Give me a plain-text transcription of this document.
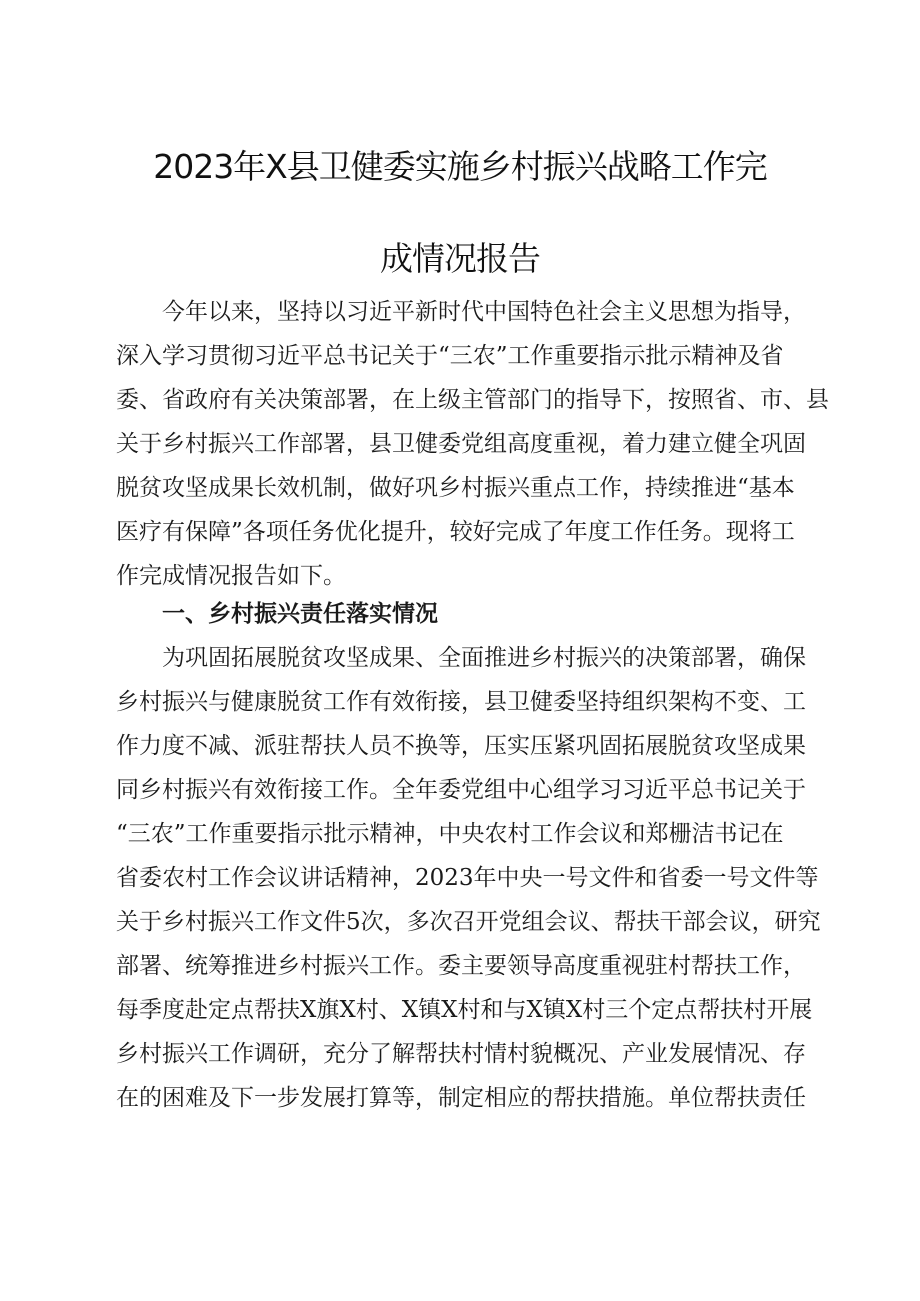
2023年X县卫健委实施乡村振兴战略工作完
成情况报告
今年以来，坚持以习近平新时代中国特色社会主义思想为指导，
深入学习贯彻习近平总书记关于“三农”工作重要指示批示精神及省
委、省政府有关决策部署，在上级主管部门的指导下，按照省、市、县
关于乡村振兴工作部署，县卫健委党组高度重视，着力建立健全巩固
脱贫攻坚成果长效机制，做好巩乡村振兴重点工作，持续推进“基本
医疗有保障”各项任务优化提升，较好完成了年度工作任务。现将工
作完成情况报告如下。
一、乡村振兴责任落实情况
为巩固拓展脱贫攻坚成果、全面推进乡村振兴的决策部署，确保
乡村振兴与健康脱贫工作有效衔接，县卫健委坚持组织架构不变、工
作力度不减、派驻帮扶人员不换等，压实压紧巩固拓展脱贫攻坚成果
同乡村振兴有效衔接工作。全年委党组中心组学习习近平总书记关于
“三农”工作重要指示批示精神，中央农村工作会议和郑栅洁书记在
省委农村工作会议讲话精神，2023年中央一号文件和省委一号文件等
关于乡村振兴工作文件5次，多次召开党组会议、帮扶干部会议，研究
部署、统筹推进乡村振兴工作。委主要领导高度重视驻村帮扶工作，
每季度赴定点帮扶X旗X村、X镇X村和与X镇X村三个定点帮扶村开展
乡村振兴工作调研，充分了解帮扶村情村貌概况、产业发展情况、存
在的困难及下一步发展打算等，制定相应的帮扶措施。单位帮扶责任
